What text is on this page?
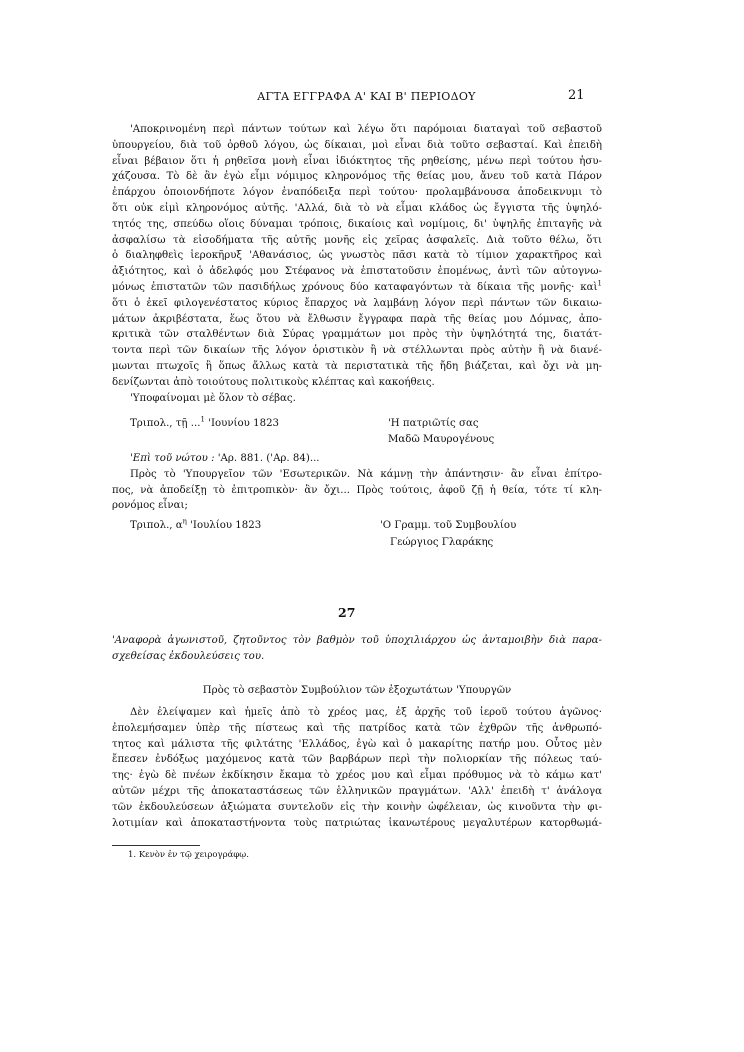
ΑΓΤΑ ΕΓΓΡΑΦΑ Α' ΚΑΙ Β' ΠΕΡΙΟΔΟΥ	21
'Αποκρινομένη περὶ πάντων τούτων καὶ λέγω ὅτι παρόμοιαι διαταγαὶ τοῦ σεβαστοῦ
ὑπουργείου, διὰ τοῦ ὀρθοῦ λόγου, ὡς δίκαιαι, μοὶ εἶναι διὰ τοῦτο σεβασταί. Καὶ ἐπειδὴ
εἶναι βέβαιον ὅτι ἡ ρηθεῖσα μονὴ εἶναι ἰδιόκτητος τῆς ρηθείσης, μένω περὶ τούτου ἡσυ-
χάζουσα. Τὸ δὲ ἂν ἐγὼ εἶμι νόμιμος κληρονόμος τῆς θείας μου, ἄνευ τοῦ κατὰ Πάρον
ἐπάρχου ὁποιονδήποτε λόγον ἐναπόδειξα περὶ τούτου· προλαμβάνουσα ἀποδεικνυμι τὸ
ὅτι οὐκ εἰμὶ κληρονόμος αὐτῆς. 'Αλλά, διὰ τὸ νὰ εἶμαι κλάδος ὡς ἔγγιστα τῆς ὑψηλό-
τητός της, σπεύδω οἵοις δύναμαι τρόποις, δικαίοις καὶ νομίμοις, δι' ὑψηλῆς ἐπιταγῆς νὰ
ἀσφαλίσω τὰ εἰσοδήματα τῆς αὐτῆς μονῆς εἰς χεῖρας ἀσφαλεῖς. Διὰ τοῦτο θέλω, ὅτι
ὁ διαληφθεὶς ἱεροκῆρυξ 'Αθανάσιος, ὡς γνωστὸς πᾶσι κατὰ τὸ τίμιον χαρακτῆρος καὶ
ἀξιότητος, καὶ ὁ ἀδελφός μου Στέφανος νὰ ἐπιστατοῦσιν ἐπομένως, ἀντὶ τῶν αὐτογνω-
μόνως ἐπιστατῶν τῶν πασιδήλως χρόνους δύο καταφαγόντων τὰ δίκαια τῆς μονῆς· καὶ$^1$
ὅτι ὁ ἐκεῖ φιλογενέστατος κύριος ἔπαρχος νὰ λαμβάνῃ λόγον περὶ πάντων τῶν δικαιω-
μάτων ἀκριβέστατα, ἕως ὅτου νὰ ἔλθωσιν ἔγγραφα παρὰ τῆς θείας μου Δόμνας, ἀπο-
κριτικὰ τῶν σταλθέντων διὰ Σύρας γραμμάτων μοι πρὸς τὴν ὑψηλότητά της, διατάτ-
τοντα περὶ τῶν δικαίων τῆς λόγον ὁριστικὸν ἢ νὰ στέλλωνται πρὸς αὐτὴν ἢ νὰ διανέ-
μωνται πτωχοῖς ἢ ὅπως ἄλλως κατὰ τὰ περιστατικὰ τῆς ἤδη βιάζεται, καὶ ὄχι νὰ μη-
δενίζωνται ἀπὸ τοιούτους πολιτικοὺς κλέπτας καὶ κακοήθεις.
'Υποφαίνομαι μὲ ὅλον τὸ σέβας.
Τριπολ., τῇ ...$^1$ 'Ιουνίου 1823	'Η πατριῶτίς σας
Μαδῶ Μαυρογένους
'Επὶ τοῦ νώτου : 'Αρ. 881. ('Αρ. 84)...
Πρὸς τὸ 'Υπουργεῖον τῶν 'Εσωτερικῶν. Νὰ κάμνῃ τὴν ἀπάντησιν· ἂν εἶναι ἐπίτρο-
πος, νὰ ἀποδείξῃ τὸ ἐπιτροπικὸν· ἂν ὄχι... Πρὸς τούτοις, ἀφοῦ ζῇ ἡ θεία, τότε τί κλη-
ρονόμος εἶναι;
Τριπολ., $\alpha^\eta$ 'Ιουλίου 1823	'Ο Γραμμ. τοῦ Συμβουλίου
Γεώργιος Γλαράκης
27
'Αναφορὰ ἀγωνιστοῦ, ζητοῦντος τὸν βαθμὸν τοῦ ὑποχιλιάρχου ὡς ἀνταμοιβὴν διὰ παρα-
σχεθείσας ἐκδουλεύσεις του.
Πρὸς τὸ σεβαστὸν Συμβούλιον τῶν ἐξοχωτάτων 'Υπουργῶν
Δὲν ἐλείψαμεν καὶ ἡμεῖς ἀπὸ τὸ χρέος μας, ἐξ ἀρχῆς τοῦ ἱεροῦ τούτου ἀγῶνος·
ἐπολεμήσαμεν ὑπὲρ τῆς πίστεως καὶ τῆς πατρίδος κατὰ τῶν ἐχθρῶν τῆς ἀνθρωπό-
τητος καὶ μάλιστα τῆς φιλτάτης 'Ελλάδος, ἐγὼ καὶ ὁ μακαρίτης πατήρ μου. Οὗτος μὲν
ἔπεσεν ἐνδόξως μαχόμενος κατὰ τῶν βαρβάρων περὶ τὴν πολιορκίαν τῆς πόλεως ταύ-
της· ἐγὼ δὲ πνέων ἐκδίκησιν ἔκαμα τὸ χρέος μου καὶ εἶμαι πρόθυμος νὰ τὸ κάμω κατ'
αὐτῶν μέχρι τῆς ἀποκαταστάσεως τῶν ἑλληνικῶν πραγμάτων. 'Αλλ' ἐπειδὴ τ' ἀνάλογα
τῶν ἐκδουλεύσεων ἀξιώματα συντελοῦν εἰς τὴν κοινὴν ὠφέλειαν, ὡς κινοῦντα τὴν φι-
λοτιμίαν καὶ ἀποκαταστήνοντα τοὺς πατριώτας ἱκανωτέρους μεγαλυτέρων κατορθωμά-
1. Κενὸν ἐν τῷ χειρογράφῳ.
